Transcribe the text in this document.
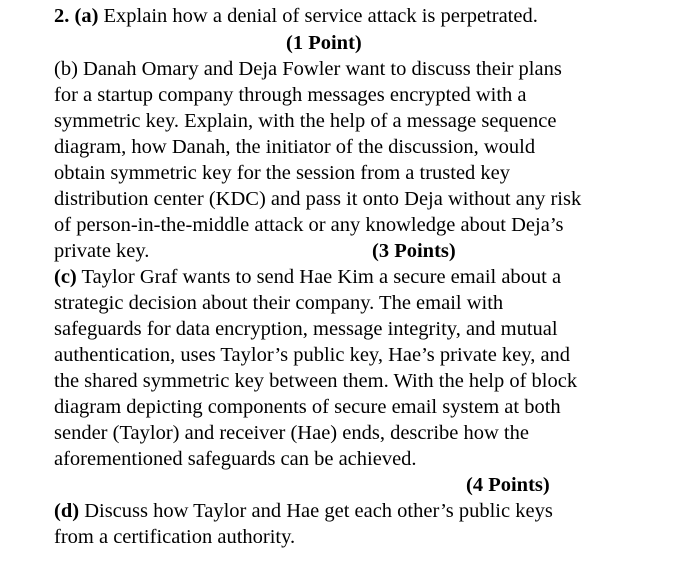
2. (a) Explain how a denial of service attack is perpetrated.
(1 Point)
(b) Danah Omary and Deja Fowler want to discuss their plans
for a startup company through messages encrypted with a
symmetric key. Explain, with the help of a message sequence
diagram, how Danah, the initiator of the discussion, would
obtain symmetric key for the session from a trusted key
distribution center (KDC) and pass it onto Deja without any risk
of person-in-the-middle attack or any knowledge about Deja’s
private key.	(3 Points)
(c) Taylor Graf wants to send Hae Kim a secure email about a
strategic decision about their company. The email with
safeguards for data encryption, message integrity, and mutual
authentication, uses Taylor’s public key, Hae’s private key, and
the shared symmetric key between them. With the help of block
diagram depicting components of secure email system at both
sender (Taylor) and receiver (Hae) ends, describe how the
aforementioned safeguards can be achieved.
(4 Points)
(d) Discuss how Taylor and Hae get each other’s public keys
from a certification authority.
